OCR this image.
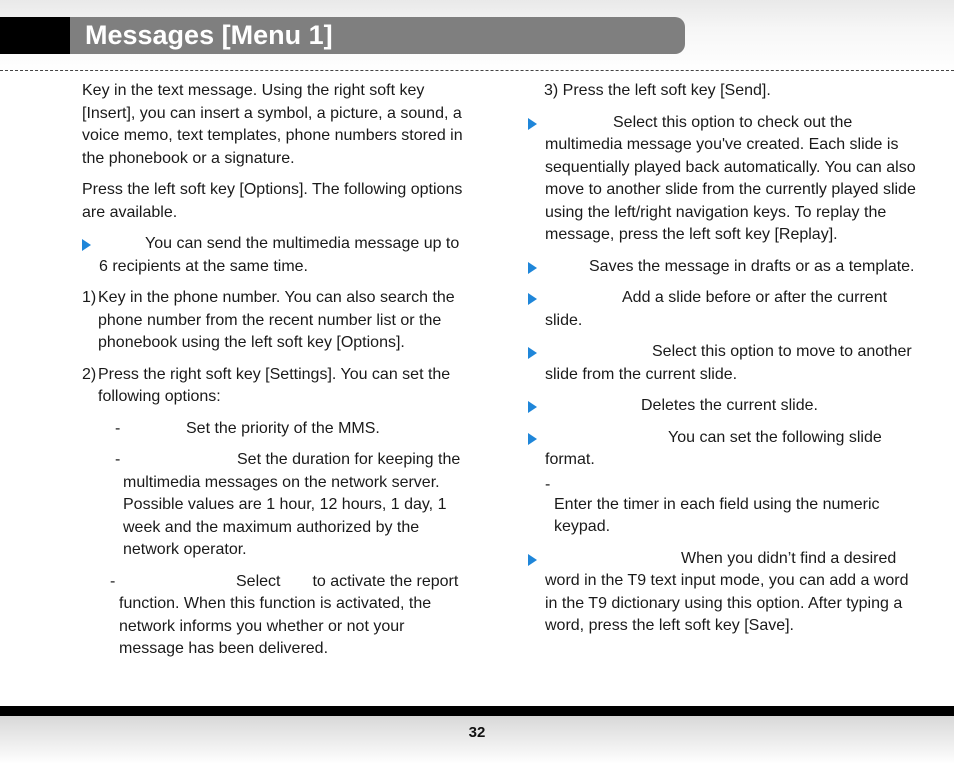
Messages [Menu 1]

Key in the text message. Using the right soft key [Insert], you can insert a symbol, a picture, a sound, a voice memo, text templates, phone numbers stored in the phonebook or a signature.

Press the left soft key [Options]. The following options are available.

You can send the multimedia message up to 6 recipients at the same time.
1) Key in the phone number. You can also search the phone number from the recent number list or the phonebook using the left soft key [Options].
2) Press the right soft key [Settings]. You can set the following options:
-	Set the priority of the MMS.
-	Set the duration for keeping the multimedia messages on the network server. Possible values are 1 hour, 12 hours, 1 day, 1 week and the maximum authorized by the network operator.
-	Select to activate the report function. When this function is activated, the network informs you whether or not your message has been delivered.

3) Press the left soft key [Send].

Select this option to check out the multimedia message you've created. Each slide is sequentially played back automatically. You can also move to another slide from the currently played slide using the left/right navigation keys. To replay the message, press the left soft key [Replay].
Saves the message in drafts or as a template.
Add a slide before or after the current slide.
Select this option to move to another slide from the current slide.
Deletes the current slide.
You can set the following slide format.
-
Enter the timer in each field using the numeric keypad.
When you didn’t find a desired word in the T9 text input mode, you can add a word in the T9 dictionary using this option. After typing a word, press the left soft key [Save].
32
